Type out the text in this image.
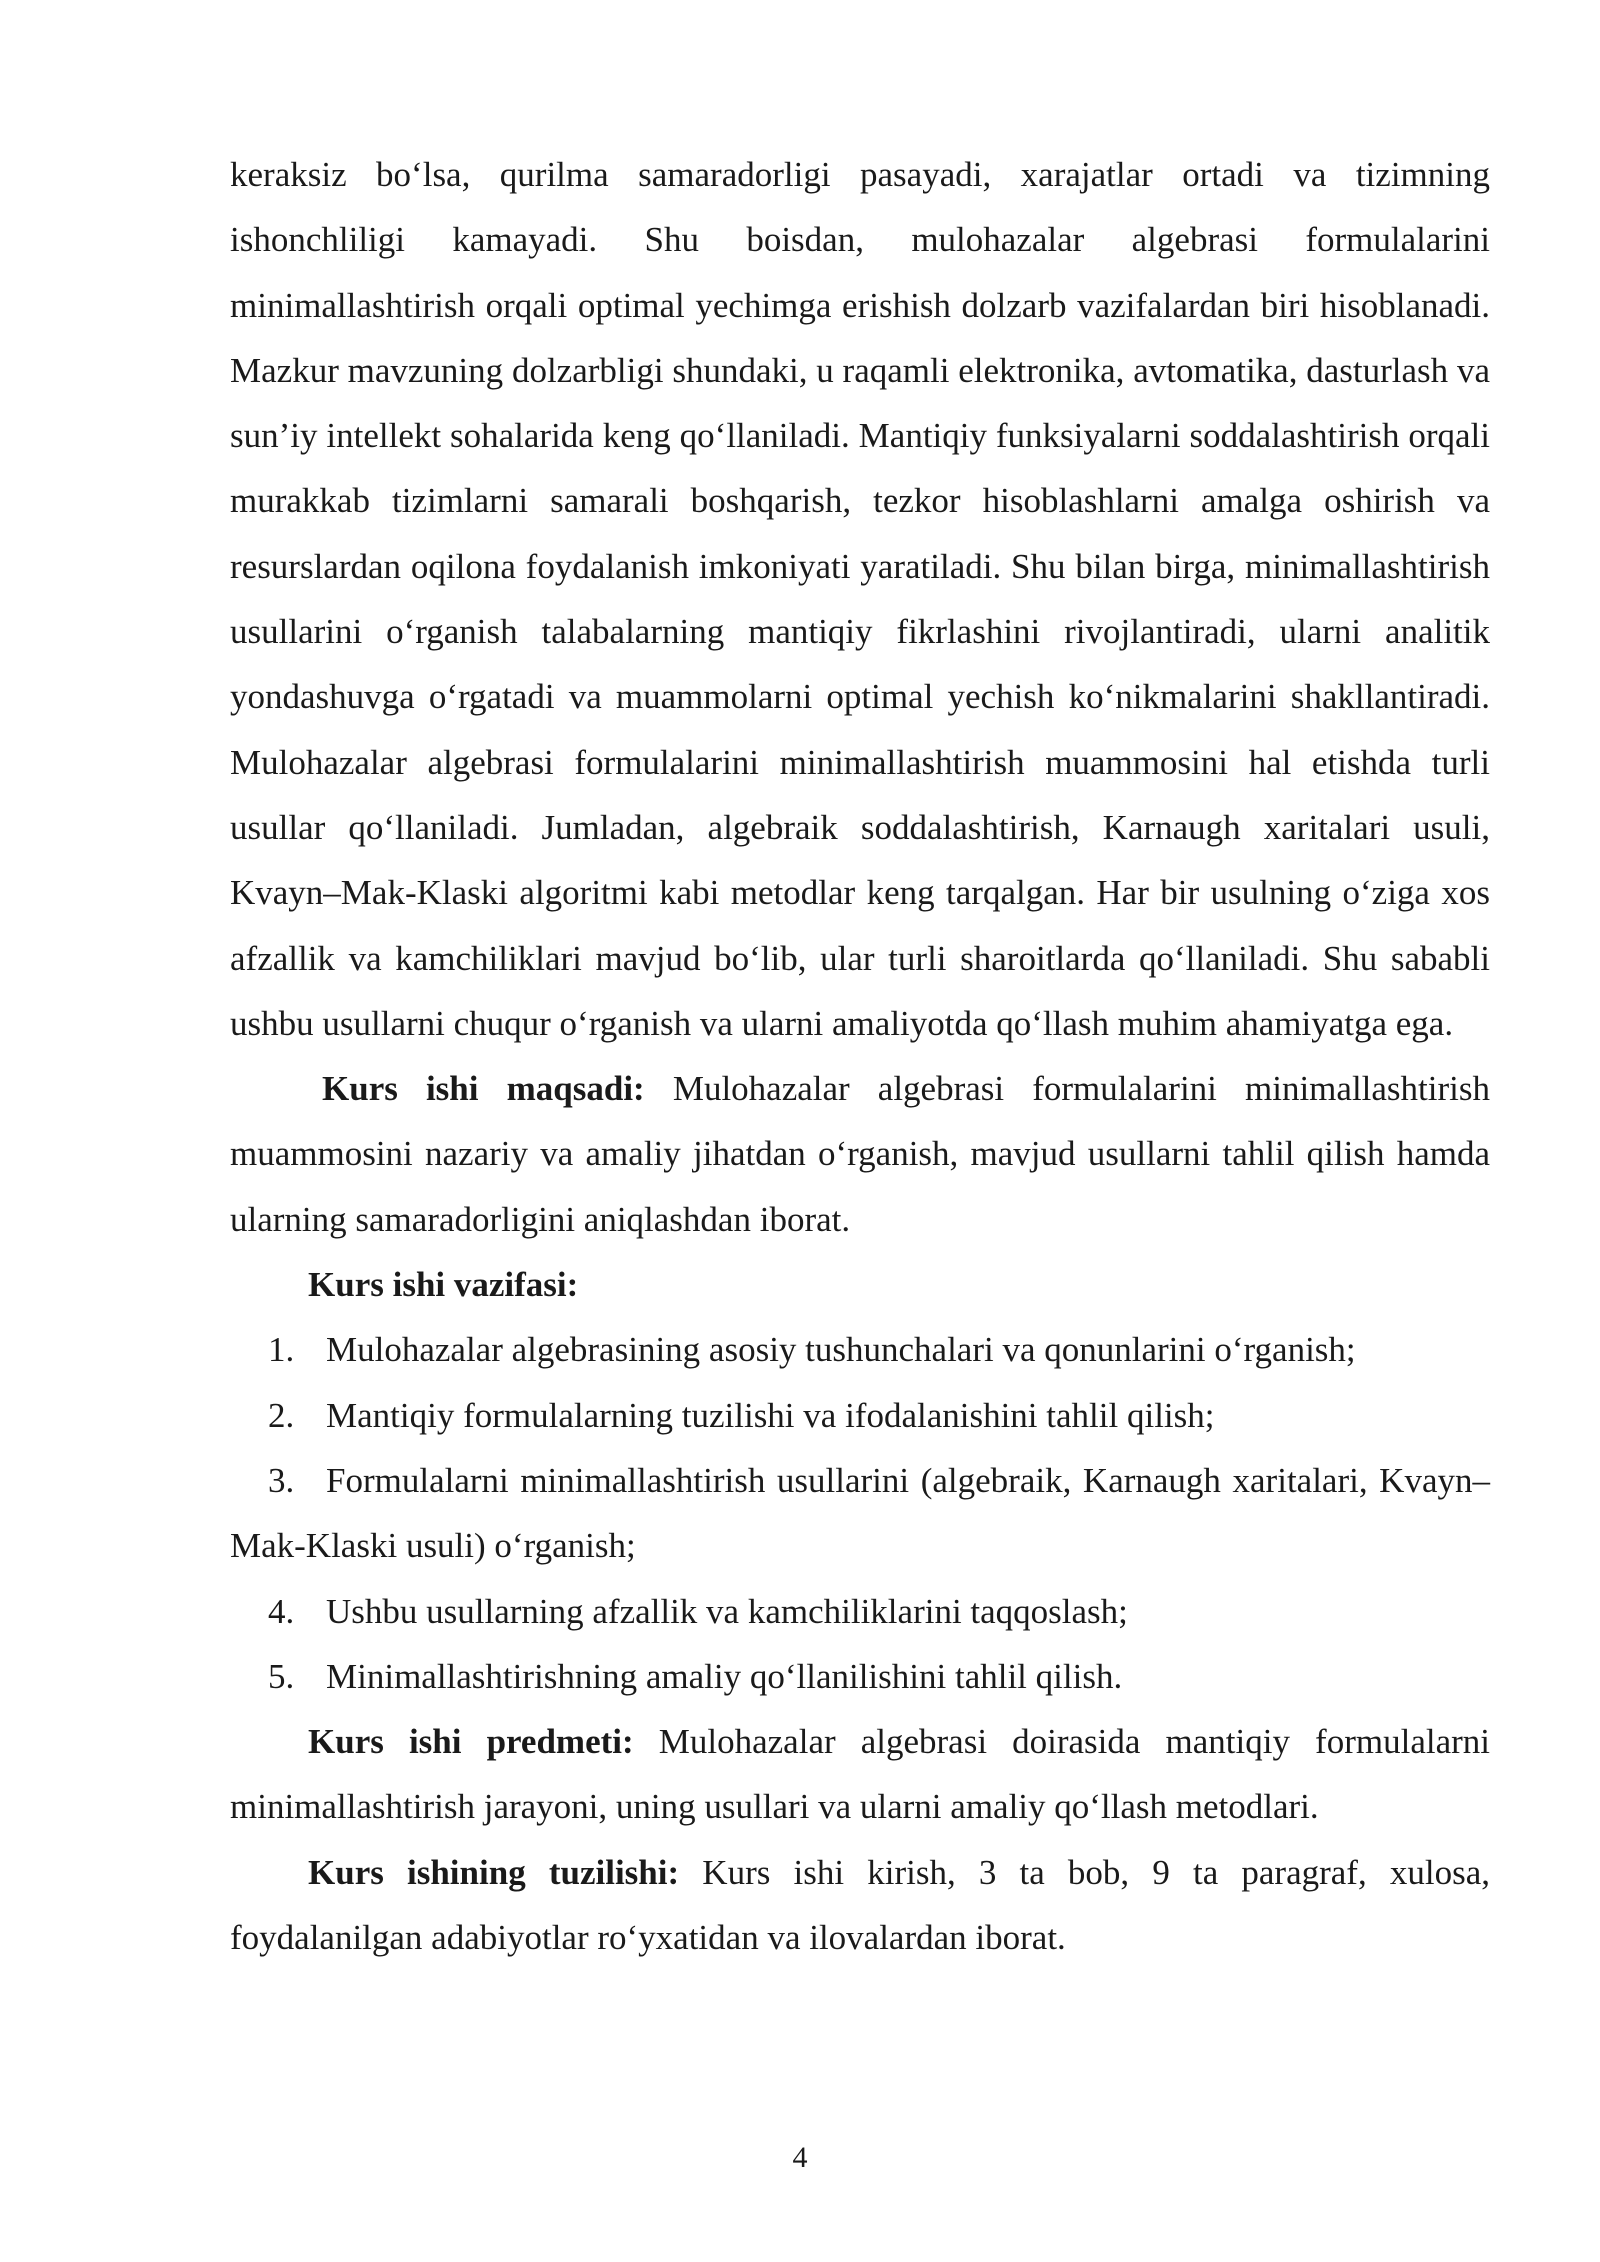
keraksiz bo‘lsa, qurilma samaradorligi pasayadi, xarajatlar ortadi va tizimning ishonchliligi kamayadi. Shu boisdan, mulohazalar algebrasi formulalarini minimallashtirish orqali optimal yechimga erishish dolzarb vazifalardan biri hisoblanadi. Mazkur mavzuning dolzarbligi shundaki, u raqamli elektronika, avtomatika, dasturlash va sun’iy intellekt sohalarida keng qo‘llaniladi. Mantiqiy funksiyalarni soddalashtirish orqali murakkab tizimlarni samarali boshqarish, tezkor hisoblashlarni amalga oshirish va resurslardan oqilona foydalanish imkoniyati yaratiladi. Shu bilan birga, minimallashtirish usullarini o‘rganish talabalarning mantiqiy fikrlashini rivojlantiradi, ularni analitik yondashuvga o‘rgatadi va muammolarni optimal yechish ko‘nikmalarini shakllantiradi. Mulohazalar algebrasi formulalarini minimallashtirish muammosini hal etishda turli usullar qo‘llaniladi. Jumladan, algebraik soddalashtirish, Karnaugh xaritalari usuli, Kvayn–Mak-Klaski algoritmi kabi metodlar keng tarqalgan. Har bir usulning o‘ziga xos afzallik va kamchiliklari mavjud bo‘lib, ular turli sharoitlarda qo‘llaniladi. Shu sababli ushbu usullarni chuqur o‘rganish va ularni amaliyotda qo‘llash muhim ahamiyatga ega.

Kurs ishi maqsadi: Mulohazalar algebrasi formulalarini minimallashtirish muammosini nazariy va amaliy jihatdan o‘rganish, mavjud usullarni tahlil qilish hamda ularning samaradorligini aniqlashdan iborat.

Kurs ishi vazifasi:

1. Mulohazalar algebrasining asosiy tushunchalari va qonunlarini o‘rganish;
2. Mantiqiy formulalarning tuzilishi va ifodalanishini tahlil qilish;
3. Formulalarni minimallashtirish usullarini (algebraik, Karnaugh xaritalari, Kvayn–Mak-Klaski usuli) o‘rganish;
4. Ushbu usullarning afzallik va kamchiliklarini taqqoslash;
5. Minimallashtirishning amaliy qo‘llanilishini tahlil qilish.

Kurs ishi predmeti: Mulohazalar algebrasi doirasida mantiqiy formulalarni minimallashtirish jarayoni, uning usullari va ularni amaliy qo‘llash metodlari.

Kurs ishining tuzilishi: Kurs ishi kirish, 3 ta bob, 9 ta paragraf, xulosa, foydalanilgan adabiyotlar ro‘yxatidan va ilovalardan iborat.

4
